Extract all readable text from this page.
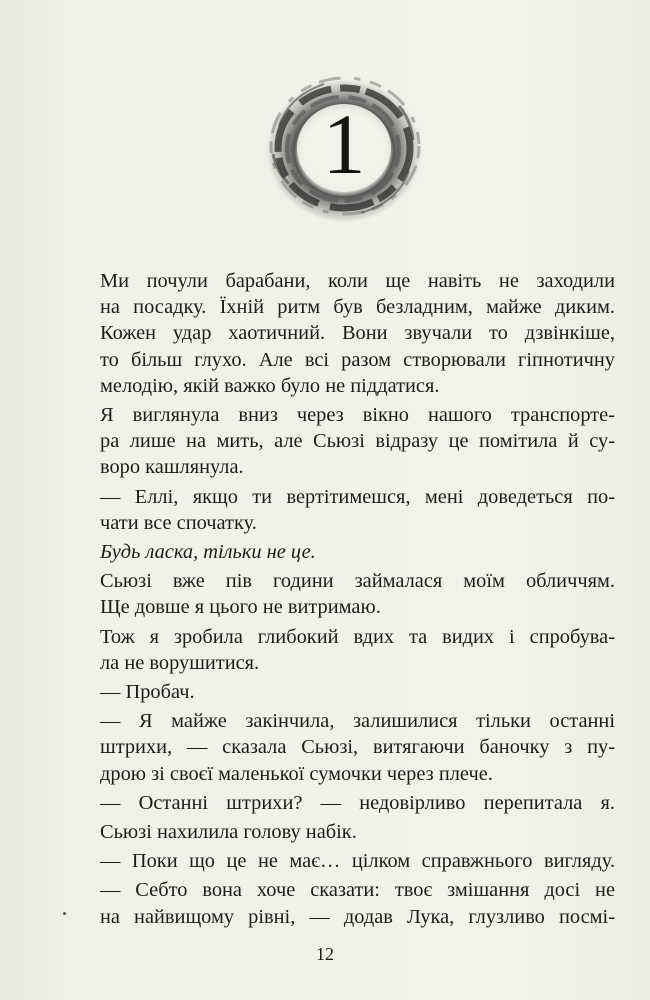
1

Ми почули барабани, коли ще навіть не заходили

на посадку. Їхній ритм був безладним, майже диким.

Кожен удар хаотичний. Вони звучали то дзвінкіше,

то більш глухо. Але всі разом створювали гіпнотичну

мелодію, якій важко було не піддатися.

Я виглянула вниз через вікно нашого транспорте-

ра лише на мить, але Сьюзі відразу це помітила й су-

воро кашлянула.

— Еллі, якщо ти вертітимешся, мені доведеться по-

чати все спочатку.

Будь ласка, тільки не це.

Сьюзі вже пів години займалася моїм обличчям.

Ще довше я цього не витримаю.

Тож я зробила глибокий вдих та видих і спробува-

ла не ворушитися.

— Пробач.

— Я майже закінчила, залишилися тільки останні

штрихи, — сказала Сьюзі, витягаючи баночку з пу-

дрою зі своєї маленької сумочки через плече.

— Останні штрихи? — недовірливо перепитала я.

Сьюзі нахилила голову набік.

— Поки що це не має… цілком справжнього вигляду.

— Себто вона хоче сказати: твоє змішання досі не

на найвищому рівні, — додав Лука, глузливо посмі-

12
